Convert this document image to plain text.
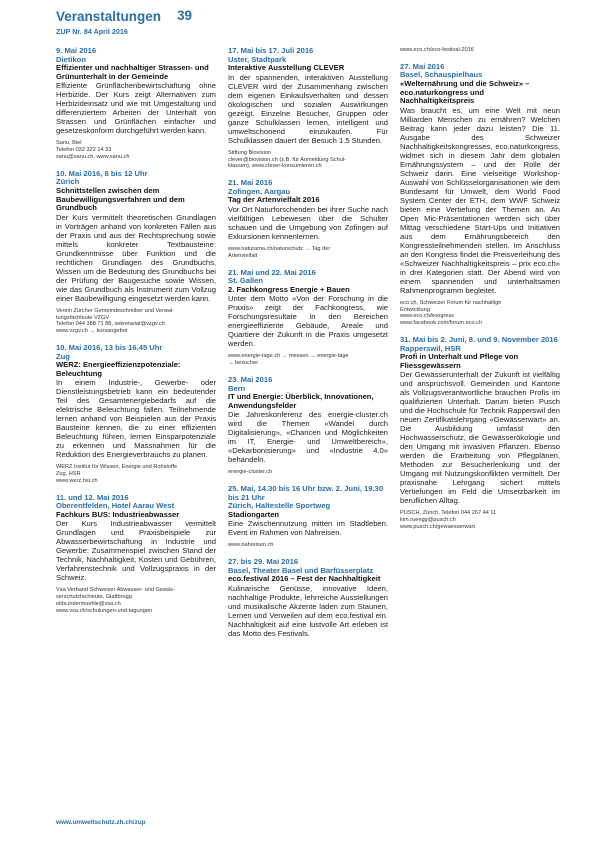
Veranstaltungen 39
ZUP Nr. 84 April 2016
9. Mai 2016
Dietikon
Effizienter und nachhaltiger Strassen- und Grünunterhalt in der Gemeinde
Effiziente Grünflächenbewirtschaftung ohne Herbizide. Der Kurs zeigt Alternativen zum Herbizideinsatz und wie mit Umgestaltung und differenziertem Arbeiten der Unterhalt von Strassen und Grünflächen einfacher und gesetzeskonform durchgeführt werden kann.
Sanu, Biel
Telefon 032 322 14 33
sanu@sanu.ch, www.sanu.ch
10. Mai 2016, 8 bis 12 Uhr
Zürich
Schnittstellen zwischen dem Baubewilligungsverfahren und dem Grundbuch
Der Kurs vermittelt theoretischen Grundlagen in Vorträgen anhand von konkreten Fällen aus der Praxis und aus der Rechtsprechung sowie mittels konkreter Textbausteine: Grundkenntnisse über Funktion und die rechtlichen Grundlagen des Grundbuchs, Wissen um die Bedeutung des Grundbuchs bei der Prüfung der Baugesuche sowie Wissen, wie das Grundbuch als Instrument zum Vollzug einer Baubewilligung eingesetzt werden kann.
Verein Zürcher Gemeindeschreiber und Verwal-
tungsfachleute VZGV
Telefon 044 388 71 88, sekretariat@vzgv.ch
www.vzgv.ch → kursangebot
10. Mai 2016, 13 bis 16.45 Uhr
Zug
WERZ: Energieeffizienzpotenziale: Beleuchtung
In einem Industrie-, Gewerbe- oder Dienstleistungsbetrieb kann ein bedeutender Teil des Gesamtenergiebedarfs auf die elektrische Beleuchtung fallen. Teilnehmende lernen anhand von Beispielen aus der Praxis Bausteine kennen, die zu einer effizienten Beleuchtung führen, lernen Einsparpotenziale zu erkennen und Massnahmen für die Reduktion des Energieverbrauchs zu planen.
WERZ Institut für Wissen, Energie und Rohstoffe
Zug, HSR
www.werz.hsr.ch
11. und 12. Mai 2016
Oberentfelden, Hotel Aarau West
Fachkurs BUS: Industrieabwasser
Der Kurs Industrieabwasser vermittelt Grundlagen und Praxisbeispiele zur Abwasserbewirtschaftung in Industrie und Gewerbe: Zusammenspiel zwischen Stand der Technik, Nachhaltigkeit, Kosten und Gebühren, Verfahrenstechnik und Vollzugspraxis in der Schweiz.
Vsa Verband Schweizer Abwasser- und Gewäs-
serschutzfachleute, Glattbrugg
elda.indermuehle@vsa.ch
www.vsa.ch/schulungen-und-tagungen
17. Mai bis 17. Juli 2016
Uster, Stadtpark
Interaktive Ausstellung CLEVER
In der spannenden, interaktiven Ausstellung CLEVER wird der Zusammenhang zwischen dem eigenen Einkaufsverhalten und dessen ökologischen und sozialen Auswirkungen gezeigt. Einzelne Besucher, Gruppen oder ganze Schulklassen lernen, intelligent und umweltschonend einzukaufen. Für Schulklassen dauert der Besuch 1.5 Stunden.
Stiftung Biovision
clever@biovision.ch (z.B. für Anmeldung Schul-
klassen), www.clever-konsumieren.ch
21. Mai 2016
Zofingen, Aargau
Tag der Artenvielfalt 2016
Vor Ort Naturforschenden bei ihrer Suche nach vielfältigen Lebewesen über die Schulter schauen und die Umgebung von Zofingen auf Exkursionen kennenlernen.
www.naturama.ch/naturschutz → Tag der
Artenvielfalt
21. Mai und 22. Mai 2016
St. Gallen
2. Fachkongress Energie + Bauen
Unter dem Motto «Von der Forschung in die Praxis» zeigt der Fachkongress, wie Forschungsresultate in den Bereichen energieeffiziente Gebäude, Areale und Quartiere der Zukunft in die Praxis umgesetzt werden.
www.energie-tage.ch → messen → energie-tage
→ besucher
23. Mai 2016
Bern
IT und Energie: Überblick, Innovationen, Anwendungsfelder
Die Jahreskonferenz des energie-cluster.ch wird die Themen «Wandel durch Digitalisierung», «Chancen und Möglichkeiten im IT, Energie- und Umweltbereich», «Dekarbonisierung» und «Industrie 4.0» behandeln.
energie-cluster.ch
25. Mai, 14.30 bis 16 Uhr bzw. 2. Juni, 19.30 bis 21 Uhr
Zürich, Haltestelle Sportweg
Stadiongarten
Eine Zwischennutzung mitten im Stadtleben. Event im Rahmen von Nahreisen.
www.nahreisen.ch
27. bis 29. Mai 2016
Basel, Theater Basel und Barfüsserplatz
eco.festival 2016 – Fest der Nachhaltigkeit
Kulinarische Genüsse, innovative Ideen, nachhaltige Produkte, lehrreiche Ausstellungen und musikalische Akzente laden zum Staunen, Lernen und Verweilen auf dem eco.festival ein. Nachhaltigkeit auf eine lustvolle Art erleben ist das Motto des Festivals.
www.eco.ch/eco-festival-2016
27. Mai 2016
Basel, Schauspielhaus
«Welternährung und die Schweiz» – eco.naturkongress und Nachhaltigkeitspreis
Was braucht es, um eine Welt mit neun Milliarden Menschen zu ernähren? Welchen Beitrag kann jeder dazu leisten? Die 11. Ausgabe des Schweizer Nachhaltigkeitskongresses, eco.naturkongress, widmet sich in diesem Jahr dem globalen Ernährungssystem – und der Rolle der Schweiz darin. Eine vielseitige Workshop-Auswahl von Schlüsselorganisationen wie dem Bundesamt für Umwelt, dem World Food System Center der ETH, dem WWF Schweiz bieten eine Vertiefung der Themen an. An Open Mic-Präsentationen werden sich über Mittag verschiedene Start-Ups und Initiativen aus dem Ernährungsbereich den Kongressteilnehmenden stellen. Im Anschluss an den Kongress findet die Preisverleihung des «Schweizer Nachhaltigkeitspreis – prix eco.ch» in drei Kategorien statt. Der Abend wird von einem spannenden und unterhaltsamen Rahmenprogramm begleitet.
eco.ch, Schweizer Forum für nachhaltige
Entwicklung
www.eco.ch/kongress
www.facebook.com/forum.eco.ch
31. Mai bis 2. Juni, 8. und 9. November 2016
Rapperswil, HSR
Profi in Unterhalt und Pflege von Fliessgewässern
Der Gewässerunterhalt der Zukunft ist vielfältig und anspruchsvoll. Gemeinden und Kantone als Vollzugsverantwortliche brauchen Profis im qualifizierten Unterhalt. Darum bieten Pusch und die Hochschule für Technik Rapperswil den neuen Zertifikatslehrgang «Gewässerwart» an. Die Ausbildung umfasst den Hochwasserschutz, die Gewässerökologie und den Umgang mit invasiven Pflanzen. Ebenso werden die Erarbeitung von Pflegplänen, Methoden zur Besucherlenkung und der Umgang mit Nutzungskonflikten vermittelt. Der praxisnahe Lehrgang sichert mittels Vertiefungen im Feld die Umsetzbarkeit im beruflichen Alltag.
PUSCH, Zürich, Telefon 044 267 44 11
kim.rueegg@pusch.ch
www.pusch.ch/gewaesserwart
www.umweltschutz.zh.ch/zup
